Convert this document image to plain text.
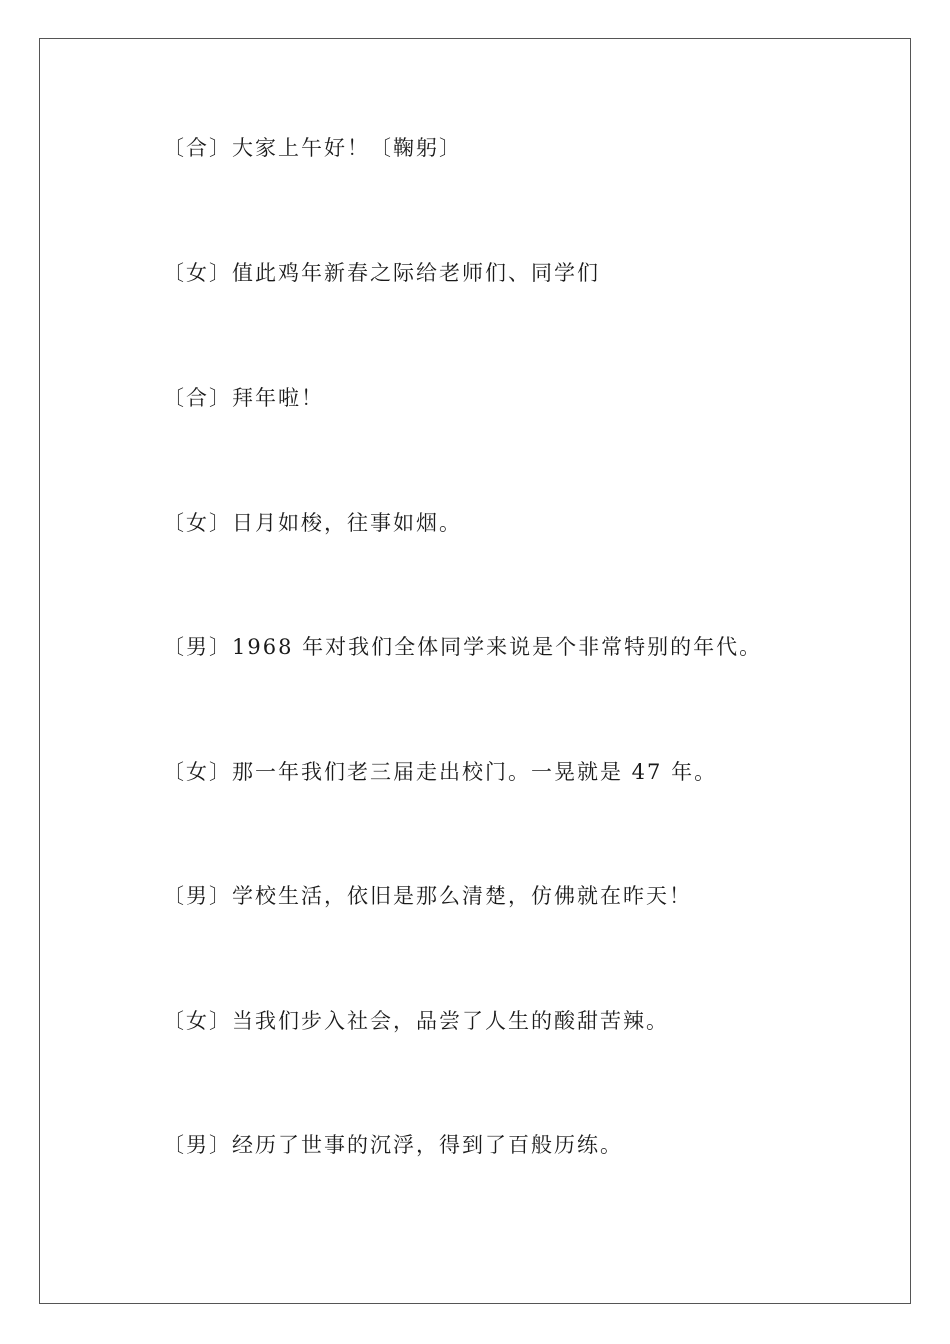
〔合〕大家上午好！〔鞠躬〕
〔女〕值此鸡年新春之际给老师们、同学们
〔合〕拜年啦！
〔女〕日月如梭，往事如烟。
〔男〕1968 年对我们全体同学来说是个非常特别的年代。
〔女〕那一年我们老三届走出校门。一晃就是 47 年。
〔男〕学校生活，依旧是那么清楚，仿佛就在昨天！
〔女〕当我们步入社会，品尝了人生的酸甜苦辣。
〔男〕经历了世事的沉浮，得到了百般历练。
